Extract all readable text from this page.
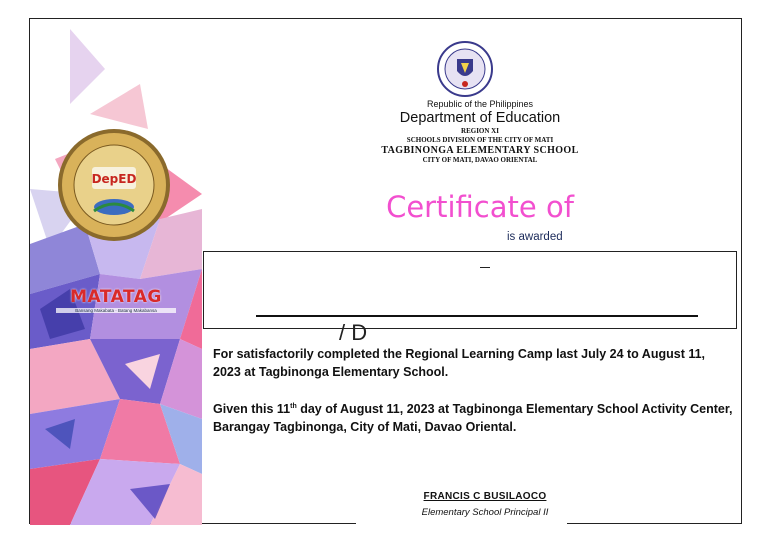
DepED
MATATAG
Bansang Makabata · Batang Makabansa
Republic of the Philippines
Department of Education
REGION XI
SCHOOLS DIVISION OF THE CITY OF MATI
TAGBINONGA ELEMENTARY SCHOOL
CITY OF MATI, DAVAO ORIENTAL
Certificate of
is awarded
/ D
For satisfactorily completed the Regional Learning Camp last July 24 to August 11, 2023 at Tagbinonga Elementary School.
Given this 11th day of August 11, 2023 at Tagbinonga Elementary School Activity Center, Barangay Tagbinonga, City of Mati, Davao Oriental.
FRANCIS C BUSILAOCO
Elementary School Principal II
